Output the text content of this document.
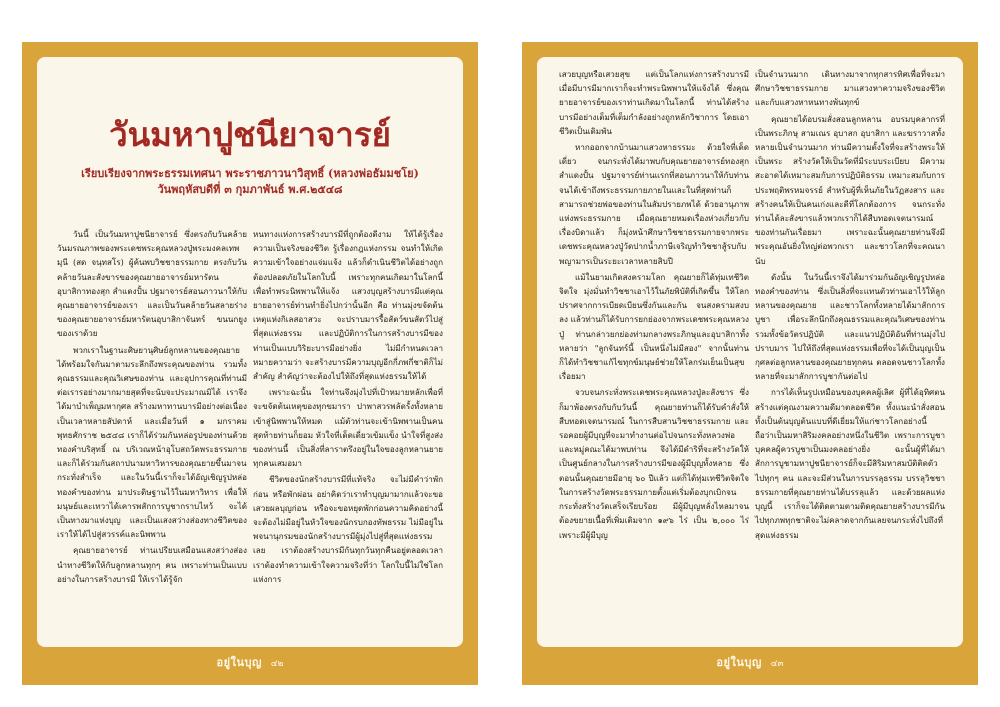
วันมหาปูชนียาจารย์
เรียบเรียงจากพระธรรมเทศนา พระราชภาวนาวิสุทธิ์ (หลวงพ่อธัมมชโย)
วันพฤหัสบดีที่ ๓ กุมภาพันธ์ พ.ศ.๒๕๔๘

วันนี้ เป็นวันมหาปูชนียาจารย์ ซึ่งตรงกับวันคล้ายวันมรณภาพของพระเดชพระคุณหลวงปู่พระมงคลเทพมุนี (สด จนฺทสโร) ผู้ค้นพบวิชชาธรรมกาย ตรงกับวันคล้ายวันละสังขารของคุณยายอาจารย์มหารัตนอุบาสิกาทองสุก สำแดงปั้น ปฐมาจารย์สอนภาวนาให้กับคุณยายอาจารย์ของเรา และเป็นวันคล้ายวันสลายร่างของคุณยายอาจารย์มหารัตนอุบาสิกาจันทร์ ขนนกยูง ของเราด้วย

พวกเราในฐานะศิษยานุศิษย์ลูกหลานของคุณยาย ได้พร้อมใจกันมาตามระลึกถึงพระคุณของท่าน รวมทั้งคุณธรรมและคุณวิเศษของท่าน และอุปการคุณที่ท่านมีต่อเรารอย่างมากมายสุดที่จะนับจะประมาณมิได้ เราจึงได้มาบำเพ็ญมหากุศล สร้างมหาทานบารมีอย่างต่อเนื่องเป็นเวลาหลายสัปดาห์ และเมื่อวันที่ ๑ มกราคม พุทธศักราช ๒๕๔๘ เราก็ได้ร่วมกันหล่อรูปของท่านด้วยทองคำบริสุทธิ์ ณ บริเวณหน้าอุโบสถวัดพระธรรมกาย และก็ได้ร่วมกันสถาปนามหาวิหารของคุณยายขึ้นมาจนกระทั่งสำเร็จ และในวันนี้เราก็จะได้อัญเชิญรูปหล่อทองคำของท่าน มาประดิษฐานไว้ในมหาวิหาร เพื่อให้มนุษย์และเทวาได้เคารพสักการบูชากราบไหว้ จะได้เป็นทางมาแห่งบุญ และเป็นแสงสว่างส่องทางชีวิตของเราให้ได้ไปสู่สวรรค์และนิพพาน

คุณยายอาจารย์ ท่านเปรียบเสมือนแสงสว่างส่องนำทางชีวิตให้กับลูกหลานทุกๆ คน เพราะท่านเป็นแบบอย่างในการสร้างบารมี ให้เราได้รู้จัก

หนทางแห่งการสร้างบารมีที่ถูกต้องดีงาม ให้ได้รู้เรื่องความเป็นจริงของชีวิต รู้เรื่องกฎแห่งกรรม จนทำให้เกิดความเข้าใจอย่างแจ่มแจ้ง แล้วก็ดำเนินชีวิตได้อย่างถูกต้องปลอดภัยในโลกใบนี้ เพราะทุกคนเกิดมาในโลกนี้ เพื่อทำพระนิพพานให้แจ้ง แสวงบุญสร้างบารมีแต่คุณยายอาจารย์ท่านทำยิ่งไปกว่านั้นอีก คือ ท่านมุ่งขจัดต้นเหตุแห่งกิเลสอาสวะ จะปราบมารรื้อสัตว์ขนสัตว์ไปสู่ที่สุดแห่งธรรม และปฏิบัติการในการสร้างบารมีของท่านเป็นแบบวิริยะบารมีอย่างยิ่ง ไม่มีกำหนดเวลา หมายความว่า จะสร้างบารมีความบุญอีกกี่ภพกี่ชาติก็ไม่สำคัญ สำคัญว่าจะต้องไปให้ถึงที่สุดแห่งธรรมให้ได้

เพราะฉะนั้น ใจท่านจึงมุ่งไปที่เป้าหมายหลักเพื่อที่จะขจัดต้นเหตุของทุกขมารา ปาพาสวรพลัดรั้งทั้งหลายเข้าสู่นิพพานให้หมด แม้ตัวท่านจะเข้านิพพานเป็นคนสุดท้ายท่านก็ยอม หัวใจที่เด็ดเดี่ยวเข้มแข็ง นำใจที่สูงส่งของท่านนี้ เป็นสิ่งที่ลาราตรึงอยู่ในใจของลูกหลานยายทุกคนเสมอมา

ชีวิตของนักสร้างบารมีที่แท้จริง จะไม่มีคำว่าพักก่อน หรือพักผ่อน อย่าคิดว่าเราทำบุญมามากแล้วจะขอเสวยผลบุญก่อน หรือจะขอหยุดพักก่อนความคิดอย่างนี้จะต้องไม่มีอยู่ในหัวใจของนักรบกองทัพธรรม ไม่มีอยู่ในพจนานุกรมของนักสร้างบารมีผู้มุ่งไปสู่ที่สุดแห่งธรรมเลย เราต้องสร้างบารมีกันทุกวันทุกคืนอยู่ตลอดเวลา เราต้องทำความเข้าใจความจริงที่ว่า โลกใบนี้ไม่ใช่โลกแห่งการ

อยู่ในบุญ ๔๒

เสวยบุญหรือเสวยสุข แต่เป็นโลกแห่งการสร้างบารมี เมื่อมีบารมีมากเราก็จะทำพระนิพพานให้แจ้งได้ ซึ่งคุณยายอาจารย์ของเราท่านเกิดมาในโลกนี้ ท่านได้สร้างบารมีอย่างเต็มที่เต็มกำลังอย่างถูกหลักวิชาการ โดยเอาชีวิตเป็นเดิมพัน

หากออกจากบ้านมาแสวงหาธรรมะ ด้วยใจที่เด็ดเดี่ยว จนกระทั่งได้มาพบกับคุณยายอาจารย์ทองสุก สำแดงปั้น ปฐมาจารย์ท่านแรกที่สอนภาวนาให้กับท่าน จนได้เข้าถึงพระธรรมกายภายในและในที่สุดท่านก็สามารถช่วยพ่อของท่านในสัมปรายภพได้ ด้วยอานุภาพแห่งพระธรรมกาย เมื่อคุณยายหมดเรื่องห่วงเกี่ยวกับเรื่องบิดาแล้ว ก็มุ่งหน้าศึกษาวิชชาธรรมกายจากพระเดชพระคุณหลวงปู่วัดปากน้ำภาษีเจริญทำวิชชาสู้รบกับพญามารเป็นระยะเวลาหลายสิบปี

แม้ในยามเกิดสงครามโลก คุณยายก็ได้ทุ่มเทชีวิตจิตใจ มุ่งมั่นทำวิชชาเอาไว้ในภัยพิบัติที่เกิดขึ้น ให้โลกปราศจากการเบียดเบียนซึ่งกันและกัน จนสงครามสงบลง แล้วท่านก็ได้รับการยกย่องจากพระเดชพระคุณหลวงปู่ ท่านกล่าวยกย่องท่ามกลางพระภิกษุและอุบาสิกาทั้งหลายว่า "ลูกจันทร์นี้ เป็นหนึ่งไม่มีสอง" จากนั้นท่านก็ได้ทำวิชชาแก้ไขทุกข์มนุษย์ช่วยให้โลกร่มเย็นเป็นสุขเรื่อยมา

จวบจนกระทั่งพระเดชพระคุณหลวงปู่ละสังขาร ซึ่งก็มาพ้องตรงกับกับวันนี้ คุณยายท่านก็ได้รับคำสั่งให้สืบทอดเจตนารมณ์ ในการสืบสานวิชชาธรรมกาย และรอคอยผู้มีบุญที่จะมาทำงานต่อไปจนกระทั่งหลวงพ่อและหมู่คณะได้มาพบท่าน จึงได้มีดำริที่จะสร้างวัดให้เป็นศูนย์กลางในการสร้างบารมีของผู้มีบุญทั้งหลาย ซึ่งตอนนั้นคุณยายมีอายุ ๖๐ ปีแล้ว แต่ก็ได้ทุ่มเทชีวิตจิตใจในการสร้างวัดพระธรรมกายตั้งแต่เริ่มต้องบุกเบิกจนกระทั่งสร้างวัดเสร็จเรียบร้อย มีผู้มีบุญหลั่งไหลมาจนต้องขยายเนื้อที่เพิ่มเติมจาก ๑๙๖ ไร่ เป็น ๒,๐๐๐ ไร่ เพราะมีผู้มีบุญ

เป็นจำนวนมาก เดินทางมาจากทุกสารทิศเพื่อที่จะมาศึกษาวิชชาธรรมกาย มาแสวงหาความจริงของชีวิต และกับแสวงหาหนทางพ้นทุกข์

คุณยายได้อบรมสั่งสอนลูกหลาน อบรมบุคลากรที่เป็นพระภิกษุ สามเณร อุบาสก อุบาสิกา และฆราวาสทั้งหลายเป็นจำนวนมาก ท่านมีความตั้งใจที่จะสร้างพระให้เป็นพระ สร้างวัดให้เป็นวัดที่มีระบบระเบียบ มีความสะอาดได้เหมาะสมกับการปฏิบัติธรรม เหมาะสมกับการประพฤติพรหมจรรย์ สำหรับผู้ที่เห็นภัยในวัฏสงสาร และสร้างคนให้เป็นคนเก่งและดีที่โลกต้องการ จนกระทั่งท่านได้ละสังขารแล้วพวกเราก็ได้สืบทอดเจตนารมณ์ของท่านกันเรื่อยมา เพราะฉะนั้นคุณยายท่านจึงมีพระคุณอันยิ่งใหญ่ต่อพวกเรา และชาวโลกที่จะคณนานับ

ดังนั้น ในวันนี้เราจึงได้มาร่วมกันอัญเชิญรูปหล่อทองคำของท่าน ซึ่งเป็นสิ่งที่จะแทนตัวท่านเอาไว้ให้ลูกหลานของคุณยาย และชาวโลกทั้งหลายได้มาสักการบูชา เพื่อระลึกนึกถึงคุณธรรมและคุณวิเศษของท่าน รวมทั้งข้อวัตรปฏิบัติ และแนวปฏิบัติอันที่ท่านมุ่งไปปราบมาร ไปให้ถึงที่สุดแห่งธรรมเพื่อที่จะได้เป็นบุญเป็นกุศลต่อลูกหลานของคุณยายทุกคน ตลอดจนชาวโลกทั้งหลายที่จะมาสักการบูชากันต่อไป

การได้เห็นรูปเหมือนของบุคคลผู้เลิศ ผู้ที่ได้อุทิศตนสร้างแต่คุณงามความดีมาตลอดชีวิต ทั้งแนะนำสั่งสอน ทั้งเป็นต้นบุญต้นแบบที่ดีเยี่ยมให้แก่ชาวโลกอย่างนี้ ถือว่าเป็นมหาสิริมงคลอย่างหนึ่งในชีวิต เพราะการบูชาบุคคลผู้ควรบูชาเป็นมงคลอย่างยิ่ง ฉะนั้นผู้ที่ได้มาสักการบูชามหาปูชนียาจารย์ก็จะมีสิริมหาสมบัติติดตัวไปทุกๆ คน และจะมีส่วนในการบรรลุธรรม บรรลุวิชชาธรรมกายที่คุณยายท่านได้บรรลุแล้ว และด้วยผลแห่งบุญนี้ เราก็จะได้ติดตามตามติดคุณยายสร้างบารมีกันไปทุกภพทุกชาติจะไม่คลาดจากกันเลยจนกระทั่งไปถึงที่สุดแห่งธรรม

อยู่ในบุญ ๔๓
